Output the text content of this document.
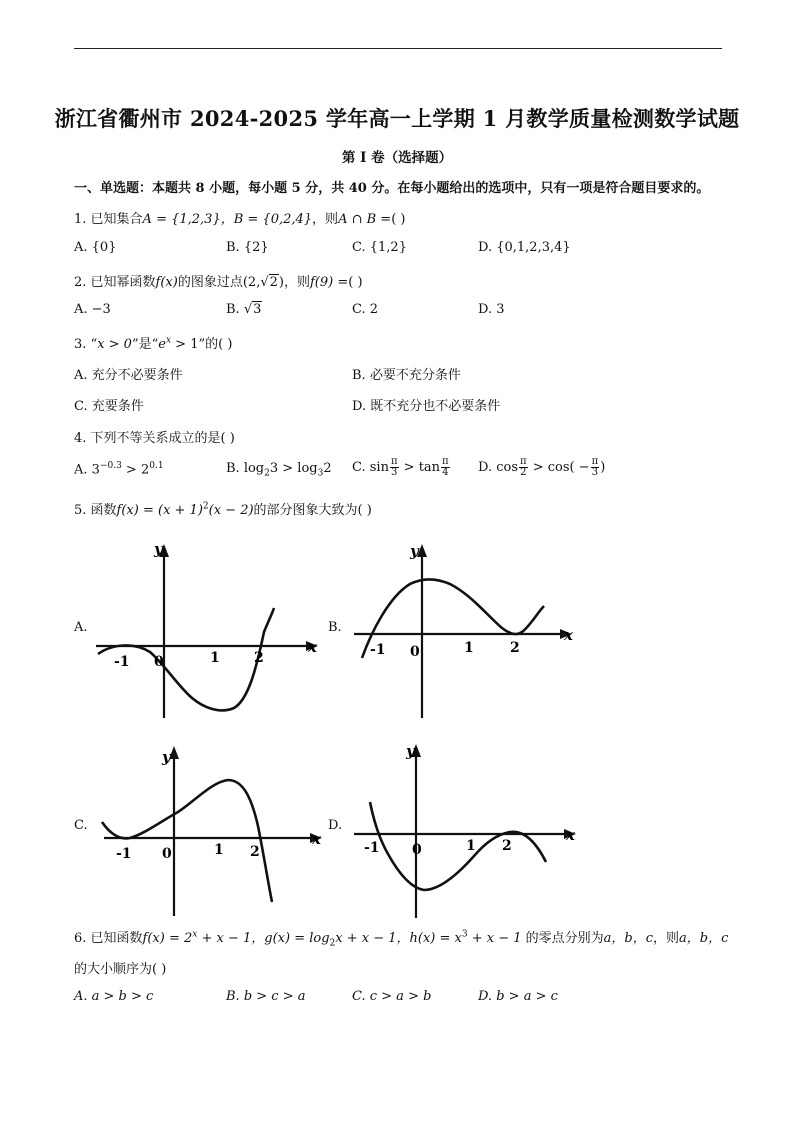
浙江省衢州市 2024-2025 学年高一上学期 1 月教学质量检测数学试题
第 I 卷（选择题）
一、单选题：本题共 8 小题，每小题 5 分，共 40 分。在每小题给出的选项中，只有一项是符合题目要求的。
1. 已知集合A = {1,2,3}，B = {0,2,4}，则A ∩ B =( )
A. {0}	B. {2}	C. {1,2}	D. {0,1,2,3,4}
2. 已知幂函数f(x)的图象过点(2,√2)，则f(9) =( )
A. −3	B. √3	C. 2	D. 3
3. “x > 0”是“$e^x > 1$”的( )
A. 充分不必要条件	B. 必要不充分条件
C. 充要条件	D. 既不充分也不必要条件
4. 下列不等关系成立的是( )
A. $3^{-0.3} > 2^{0.1}$	B. $\log_23 > \log_32$ C. $\sin \frac{\pi}{3} > \tan \frac{\pi}{4} D$. $\cos \frac{\pi}{2} > \cos( - \frac{\pi}{3}$ )
5. 函数$f(x) = (x + 1)^2(x - 2)$的部分图象大致为( )
A.	B.
C.	D.
y
x
-1 0	1 2
y
x
-1 0	1	2
y
x
-1 0	1 2
y
x
-1 0	1 2
6. 已知函数$f(x) = 2^x + x - 1$，$g(x) = \log_2x + x - 1$，$h(x) = x^3 + x - 1$ 的零点分别为a，b，c，则a，b，c
的大小顺序为( )
A. a > b > c	B. b > c > a	C. c > a > b	D. b > a > c
